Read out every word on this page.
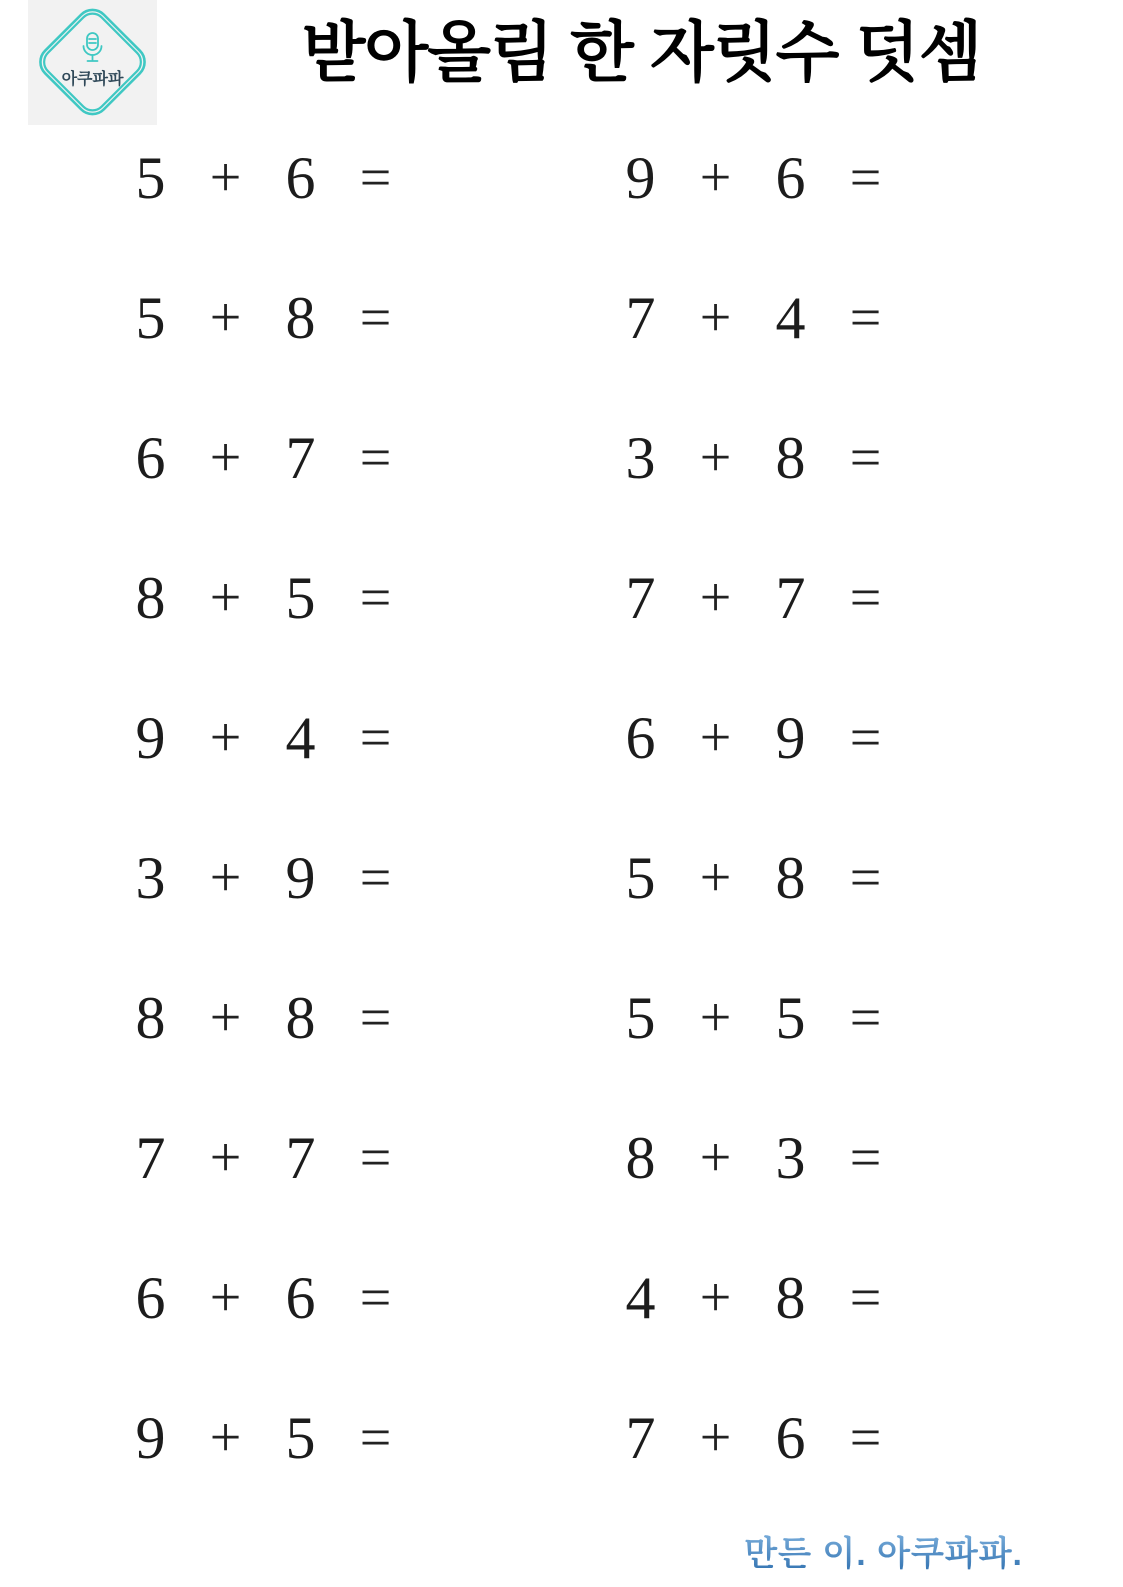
아쿠파파	받아올림 한 자릿수 덧셈
5 + 6 =
5 + 8 =
6 + 7 =
8 + 5 =
9 + 4 =
3 + 9 =
8 + 8 =
7 + 7 =
6 + 6 =
9 + 5 =
9 + 6 =
7 + 4 =
3 + 8 =
7 + 7 =
6 + 9 =
5 + 8 =
5 + 5 =
8 + 3 =
4 + 8 =
7 + 6 =
만든 이. 아쿠파파.
